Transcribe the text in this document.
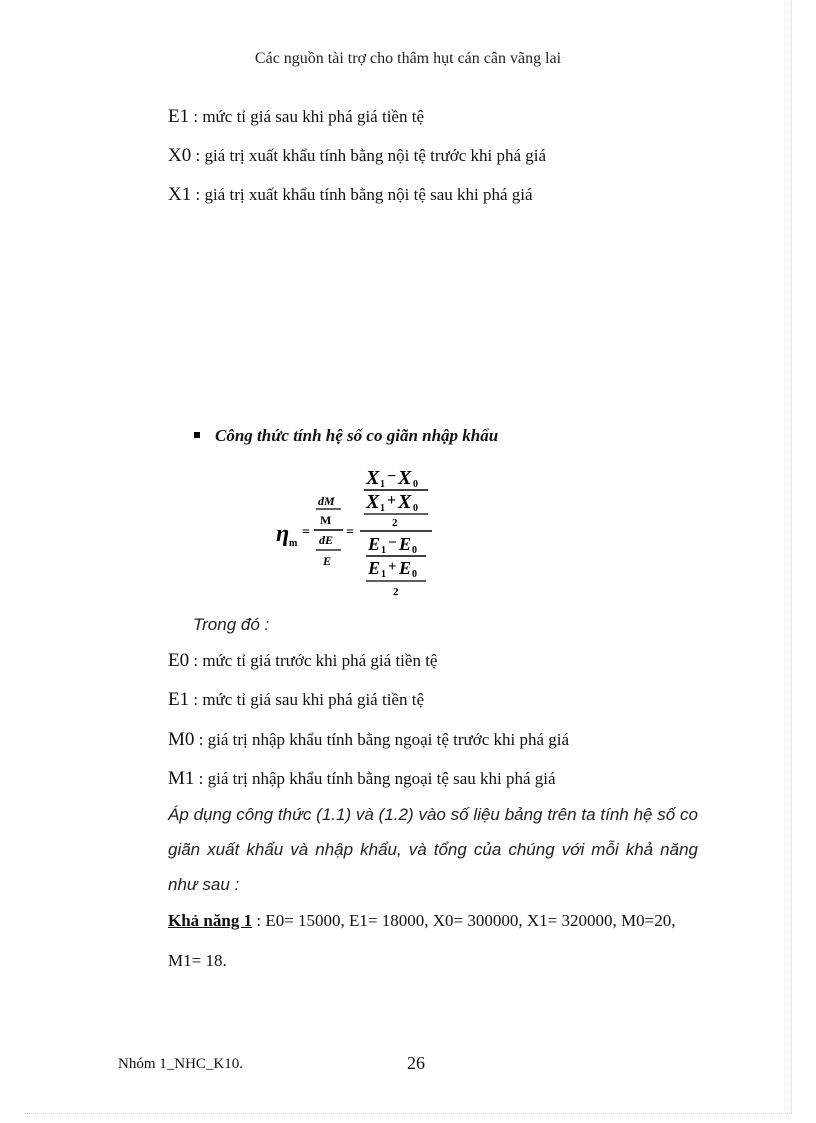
Các nguồn tài trợ cho thâm hụt cán cân vãng lai
E1 : mức tỉ giá sau khi phá giá tiền tệ
X0 : giá trị xuất khẩu tính bằng nội tệ trước khi phá giá
X1 : giá trị xuất khẩu tính bằng nội tệ sau khi phá giá
Công thức tính hệ số co giãn nhập khẩu
η m
=
dM
M
dE
E
=
X 1 − X 0
X 1 + X 0
2
E 1 − E 0
E 1 + E 0
2
Trong đó :
E0 : mức tỉ giá trước khi phá giá tiền tệ
E1 : mức tỉ giá sau khi phá giá tiền tệ
M0 : giá trị nhập khẩu tính bằng ngoại tệ trước khi phá giá
M1 : giá trị nhập khẩu tính bằng ngoại tệ sau khi phá giá
Áp dụng công thức (1.1) và (1.2) vào số liệu bảng trên ta tính hệ số co giãn xuất khẩu và nhập khẩu, và tổng của chúng với mỗi khả năng như sau :
Khả năng 1 : E0= 15000, E1= 18000, X0= 300000, X1= 320000, M0=20, M1= 18.
Nhóm 1_NHC_K10.	26
